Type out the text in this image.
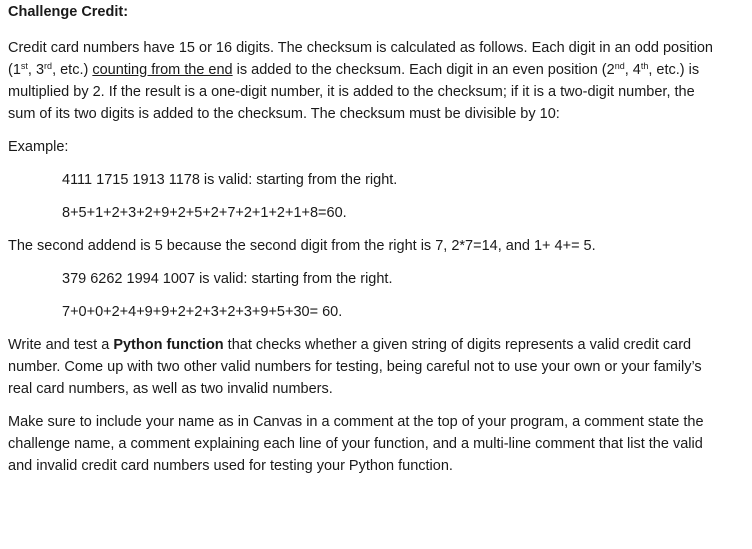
Challenge Credit:

Credit card numbers have 15 or 16 digits. The checksum is calculated as follows. Each digit in an odd position (1st, 3rd, etc.) counting from the end is added to the checksum. Each digit in an even position (2nd, 4th, etc.) is multiplied by 2. If the result is a one-digit number, it is added to the checksum; if it is a two-digit number, the sum of its two digits is added to the checksum. The checksum must be divisible by 10:

Example:

4111 1715 1913 1178 is valid: starting from the right.

8+5+1+2+3+2+9+2+5+2+7+2+1+2+1+8=60.

The second addend is 5 because the second digit from the right is 7, 2*7=14, and 1+ 4+= 5.

379 6262 1994 1007 is valid: starting from the right.

7+0+0+2+4+9+9+2+2+3+2+3+9+5+30= 60.

Write and test a Python function that checks whether a given string of digits represents a valid credit card number. Come up with two other valid numbers for testing, being careful not to use your own or your family’s real card numbers, as well as two invalid numbers.

Make sure to include your name as in Canvas in a comment at the top of your program, a comment state the challenge name, a comment explaining each line of your function, and a multi-line comment that list the valid and invalid credit card numbers used for testing your Python function.
